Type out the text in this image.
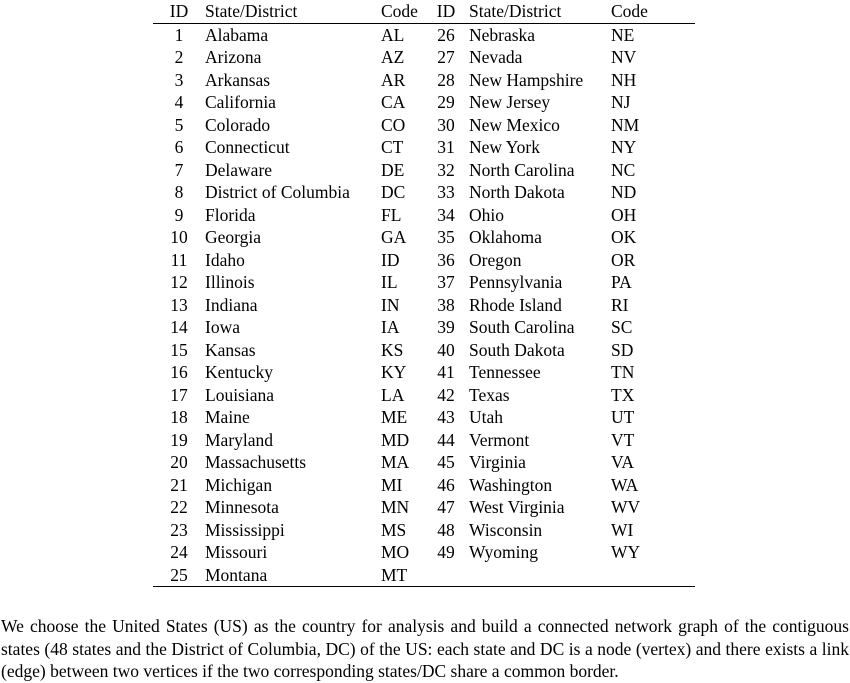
ID	State/District	Code	ID	State/District	Code
1	Alabama	AL	26	Nebraska	NE
2	Arizona	AZ	27	Nevada	NV
3	Arkansas	AR	28	New Hampshire	NH
4	California	CA	29	New Jersey	NJ
5	Colorado	CO	30	New Mexico	NM
6	Connecticut	CT	31	New York	NY
7	Delaware	DE	32	North Carolina	NC
8	District of Columbia	DC	33	North Dakota	ND
9	Florida	FL	34	Ohio	OH
10	Georgia	GA	35	Oklahoma	OK
11	Idaho	ID	36	Oregon	OR
12	Illinois	IL	37	Pennsylvania	PA
13	Indiana	IN	38	Rhode Island	RI
14	Iowa	IA	39	South Carolina	SC
15	Kansas	KS	40	South Dakota	SD
16	Kentucky	KY	41	Tennessee	TN
17	Louisiana	LA	42	Texas	TX
18	Maine	ME	43	Utah	UT
19	Maryland	MD	44	Vermont	VT
20	Massachusetts	MA	45	Virginia	VA
21	Michigan	MI	46	Washington	WA
22	Minnesota	MN	47	West Virginia	WV
23	Mississippi	MS	48	Wisconsin	WI
24	Missouri	MO	49	Wyoming	WY
25	Montana	MT			

We choose the United States (US) as the country for analysis and build a connected network graph of the contiguous states (48 states and the District of Columbia, DC) of the US: each state and DC is a node (vertex) and there exists a link (edge) between two vertices if the two corresponding states/DC share a common border.
